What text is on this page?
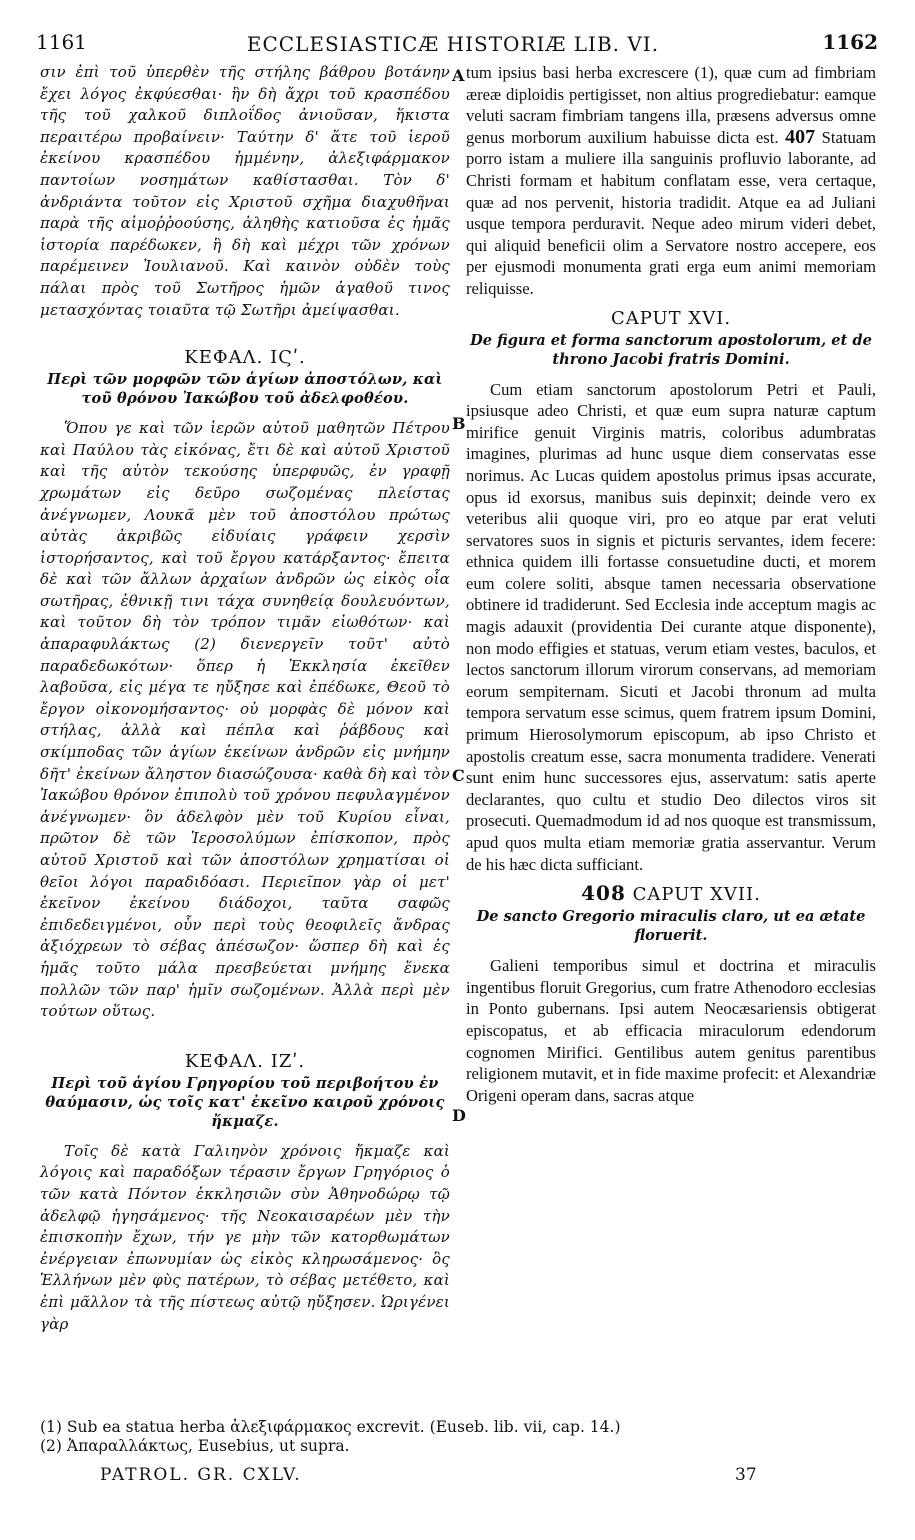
1161	ECCLESIASTICÆ HISTORIÆ LIB. VI.	1162
A
B
C
D

σιν ἐπὶ τοῦ ὑπερθὲν τῆς στήλης βάθρου βοτάνην ἔχει λόγος ἐκφύεσθαι· ἣν δὴ ἄχρι τοῦ κρασπέδου τῆς τοῦ χαλκοῦ διπλοΐδος ἀνιοῦσαν, ἥκιστα περαιτέρω προβαίνειν· Ταύτην δ' ἅτε τοῦ ἱεροῦ ἐκείνου κρασπέδου ἡμμένην, ἀλεξιφάρμακον παντοίων νοσημάτων καθίστασθαι. Τὸν δ' ἀνδριάντα τοῦτον εἰς Χριστοῦ σχῆμα διαχυθῆναι παρὰ τῆς αἱμοῤῥοούσης, ἀληθὴς κατιοῦσα ἐς ἡμᾶς ἱστορία παρέδωκεν, ἣ δὴ καὶ μέχρι τῶν χρόνων παρέμεινεν Ἰουλιανοῦ. Καὶ καινὸν οὐδὲν τοὺς πάλαι πρὸς τοῦ Σωτῆρος ἡμῶν ἀγαθοῦ τινος μετασχόντας τοιαῦτα τῷ Σωτῆρι ἀμείψασθαι.

ΚΕΦΑΛ. ΙϚʹ.

Περὶ τῶν μορφῶν τῶν ἁγίων ἀποστόλων, καὶ τοῦ θρόνου Ἰακώβου τοῦ ἀδελφοθέου.

Ὅπου γε καὶ τῶν ἱερῶν αὐτοῦ μαθητῶν Πέτρου καὶ Παύλου τὰς εἰκόνας, ἔτι δὲ καὶ αὐτοῦ Χριστοῦ καὶ τῆς αὐτὸν τεκούσης ὑπερφυῶς, ἐν γραφῇ χρωμάτων εἰς δεῦρο σωζομένας πλείστας ἀνέγνωμεν, Λουκᾶ μὲν τοῦ ἀποστόλου πρώτως αὐτὰς ἀκριβῶς εἰδυίαις γράφειν χερσὶν ἱστορήσαντος, καὶ τοῦ ἔργου κατάρξαντος· ἔπειτα δὲ καὶ τῶν ἄλλων ἀρχαίων ἀνδρῶν ὡς εἰκὸς οἷα σωτῆρας, ἐθνικῇ τινι τάχα συνηθείᾳ δουλευόντων, καὶ τοῦτον δὴ τὸν τρόπον τιμᾶν εἰωθότων· καὶ ἀπαραφυλάκτως (2) διενεργεῖν τοῦτ' αὐτὸ παραδεδωκότων· ὅπερ ἡ Ἐκκλησία ἐκεῖθεν λαβοῦσα, εἰς μέγα τε ηὔξησε καὶ ἐπέδωκε, Θεοῦ τὸ ἔργον οἰκονομήσαντος· οὐ μορφὰς δὲ μόνον καὶ στήλας, ἀλλὰ καὶ πέπλα καὶ ῥάβδους καὶ σκίμποδας τῶν ἁγίων ἐκείνων ἀνδρῶν εἰς μνήμην δῆτ' ἐκείνων ἄληστον διασώζουσα· καθὰ δὴ καὶ τὸν Ἰακώβου θρόνον ἐπιπολὺ τοῦ χρόνου πεφυλαγμένον ἀνέγνωμεν· ὃν ἀδελφὸν μὲν τοῦ Κυρίου εἶναι, πρῶτον δὲ τῶν Ἱεροσολύμων ἐπίσκοπον, πρὸς αὐτοῦ Χριστοῦ καὶ τῶν ἀποστόλων χρηματίσαι οἱ θεῖοι λόγοι παραδιδόασι. Περιεῖπον γὰρ οἱ μετ' ἐκεῖνον ἐκείνου διάδοχοι, ταῦτα σαφῶς ἐπιδεδειγμένοι, οὗν περὶ τοὺς θεοφιλεῖς ἄνδρας ἀξιόχρεων τὸ σέβας ἀπέσωζον· ὥσπερ δὴ καὶ ἐς ἡμᾶς τοῦτο μάλα πρεσβεύεται μνήμης ἕνεκα πολλῶν τῶν παρ' ἡμῖν σωζομένων. Ἀλλὰ περὶ μὲν τούτων οὕτως.

ΚΕΦΑΛ. ΙΖʹ.

Περὶ τοῦ ἁγίου Γρηγορίου τοῦ περιβοήτου ἐν θαύμασιν, ὡς τοῖς κατ' ἐκεῖνο καιροῦ χρόνοις ἤκμαζε.

Τοῖς δὲ κατὰ Γαλιηνὸν χρόνοις ἤκμαζε καὶ λόγοις καὶ παραδόξων τέρασιν ἔργων Γρηγόριος ὁ τῶν κατὰ Πόντον ἐκκλησιῶν σὺν Ἀθηνοδώρῳ τῷ ἀδελφῷ ἡγησάμενος· τῆς Νεοκαισαρέων μὲν τὴν ἐπισκοπὴν ἔχων, τήν γε μὴν τῶν κατορθωμάτων ἐνέργειαν ἐπωνυμίαν ὡς εἰκὸς κληρωσάμενος· ὃς Ἑλλήνων μὲν φὺς πατέρων, τὸ σέβας μετέθετο, καὶ ἐπὶ μᾶλλον τὰ τῆς πίστεως αὐτῷ ηὔξησεν. Ὠριγένει γὰρ

tum ipsius basi herba excrescere (1), quæ cum ad fimbriam æreæ diploidis pertigisset, non altius progrediebatur: eamque veluti sacram fimbriam tangens illa, præsens adversus omne genus morborum auxilium habuisse dicta est. 407 Statuam porro istam a muliere illa sanguinis profluvio laborante, ad Christi formam et habitum conflatam esse, vera certaque, quæ ad nos pervenit, historia tradidit. Atque ea ad Juliani usque tempora perduravit. Neque adeo mirum videri debet, qui aliquid beneficii olim a Servatore nostro accepere, eos per ejusmodi monumenta grati erga eum animi memoriam reliquisse.

CAPUT XVI.

De figura et forma sanctorum apostolorum, et de throno Jacobi fratris Domini.

Cum etiam sanctorum apostolorum Petri et Pauli, ipsiusque adeo Christi, et quæ eum supra naturæ captum mirifice genuit Virginis matris, coloribus adumbratas imagines, plurimas ad hunc usque diem conservatas esse norimus. Ac Lucas quidem apostolus primus ipsas accurate, opus id exorsus, manibus suis depinxit; deinde vero ex veteribus alii quoque viri, pro eo atque par erat veluti servatores suos in signis et picturis servantes, idem fecere: ethnica quidem illi fortasse consuetudine ducti, et morem eum colere soliti, absque tamen necessaria observatione obtinere id tradiderunt. Sed Ecclesia inde acceptum magis ac magis adauxit (providentia Dei curante atque disponente), non modo effigies et statuas, verum etiam vestes, baculos, et lectos sanctorum illorum virorum conservans, ad memoriam eorum sempiternam. Sicuti et Jacobi thronum ad multa tempora servatum esse scimus, quem fratrem ipsum Domini, primum Hierosolymorum episcopum, ab ipso Christo et apostolis creatum esse, sacra monumenta tradidere. Venerati sunt enim hunc successores ejus, asservatum: satis aperte declarantes, quo cultu et studio Deo dilectos viros sit prosecuti. Quemadmodum id ad nos quoque est transmissum, apud quos multa etiam memoriæ gratia asservantur. Verum de his hæc dicta sufficiant.

408 CAPUT XVII.

De sancto Gregorio miraculis claro, ut ea ætate floruerit.

Galieni temporibus simul et doctrina et miraculis ingentibus floruit Gregorius, cum fratre Athenodoro ecclesias in Ponto gubernans. Ipsi autem Neocæsariensis obtigerat episcopatus, et ab efficacia miraculorum edendorum cognomen Mirifici. Gentilibus autem genitus parentibus religionem mutavit, et in fide maxime profecit: et Alexandriæ Origeni operam dans, sacras atque

(1) Sub ea statua herba ἀλεξιφάρμακος excrevit. (Euseb. lib. vii, cap. 14.)
(2) Ἀπαραλλάκτως, Eusebius, ut supra.
PATROL. GR. CXLV.	37
